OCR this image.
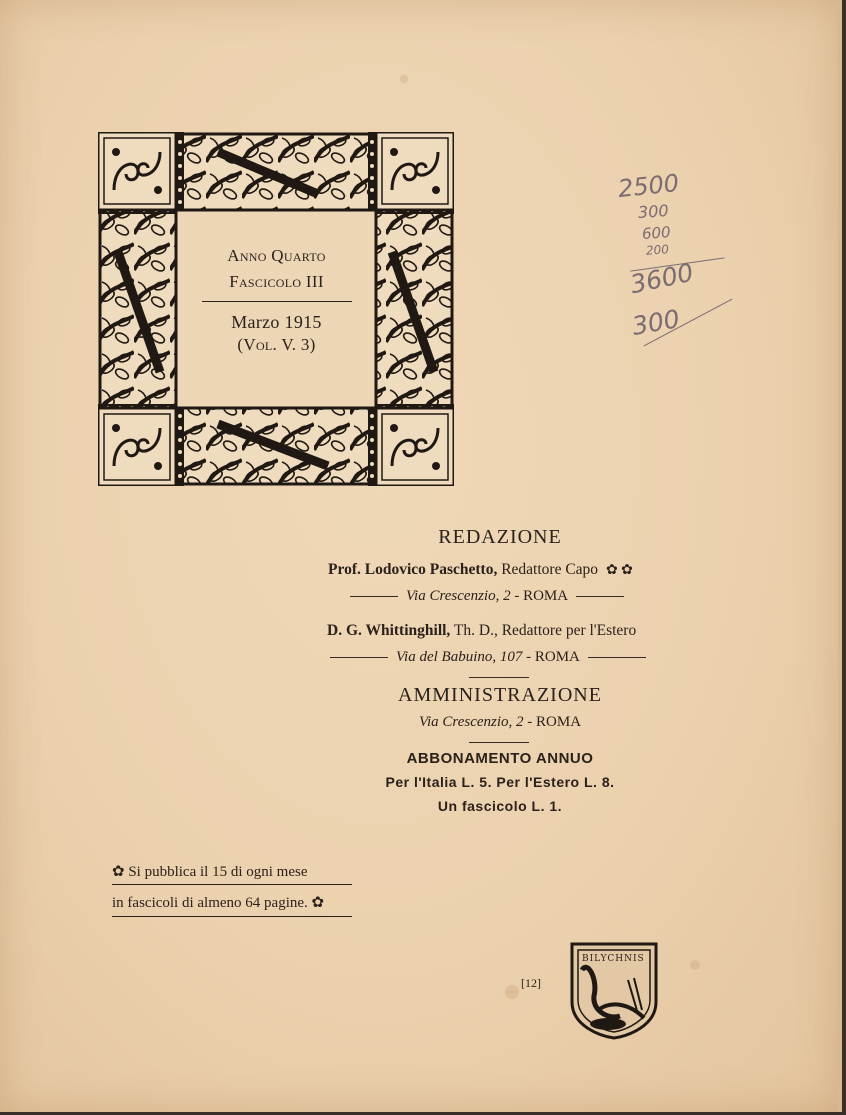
Anno Quarto
Fascicolo III
Marzo 1915
(Vol. V. 3)
2500
300
600
200
3600
300
REDAZIONE
Prof. Lodovico Paschetto, Redattore Capo ✿ ✿
Via Crescenzio, 2 - ROMA
D. G. Whittinghill, Th. D., Redattore per l'Estero
Via del Babuino, 107 - ROMA
AMMINISTRAZIONE
Via Crescenzio, 2 - ROMA
ABBONAMENTO ANNUO
Per l'Italia L. 5. Per l'Estero L. 8.
Un fascicolo L. 1.
✿ Si pubblica il 15 di ogni mese
in fascicoli di almeno 64 pagine. ✿
[12]
BILYCHNIS
